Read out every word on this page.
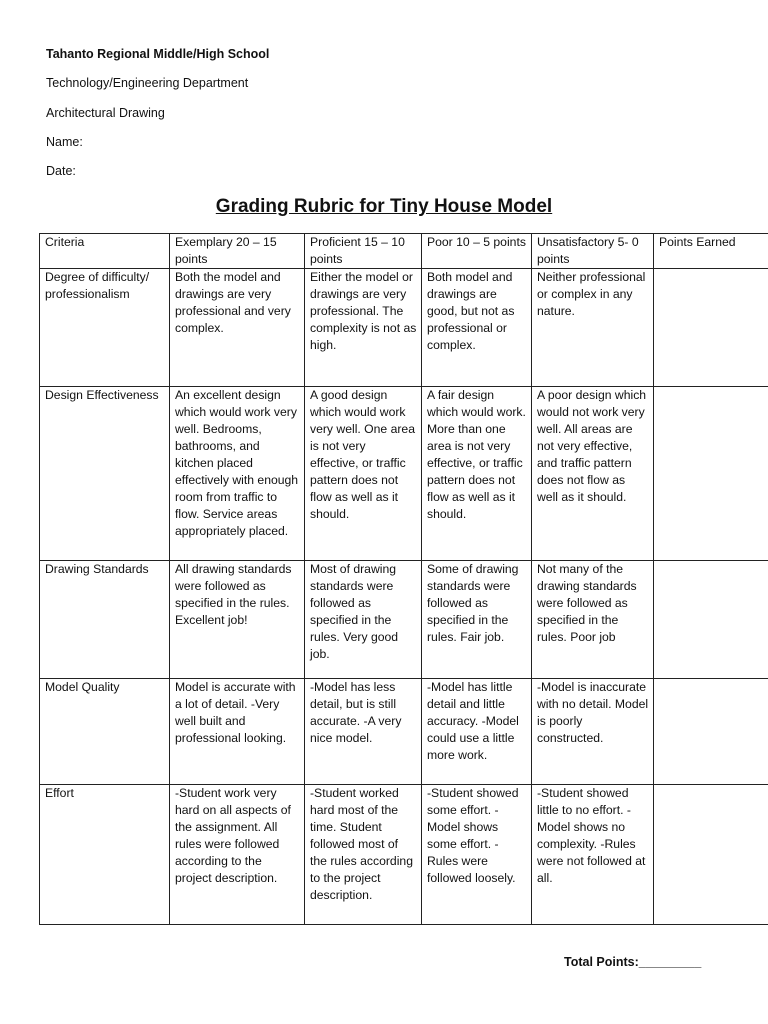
Tahanto Regional Middle/High School
Technology/Engineering Department
Architectural Drawing
Name:
Date:
Grading Rubric for Tiny House Model
Criteria	Exemplary 20 – 15 points	Proficient 15 – 10 points	Poor 10 – 5 points	Unsatisfactory 5- 0 points	Points Earned
Degree of difficulty/ professionalism	Both the model and drawings are very professional and very complex.	Either the model or drawings are very professional. The complexity is not as high.	Both model and drawings are good, but not as professional or complex.	Neither professional or complex in any nature.	
Design Effectiveness	An excellent design which would work very well. Bedrooms, bathrooms, and kitchen placed effectively with enough room from traffic to flow. Service areas appropriately placed.	A good design which would work very well. One area is not very effective, or traffic pattern does not flow as well as it should.	A fair design which would work. More than one area is not very effective, or traffic pattern does not flow as well as it should.	A poor design which would not work very well. All areas are not very effective, and traffic pattern does not flow as well as it should.	
Drawing Standards	All drawing standards were followed as specified in the rules. Excellent job!	Most of drawing standards were followed as specified in the rules. Very good job.	Some of drawing standards were followed as specified in the rules. Fair job.	Not many of the drawing standards were followed as specified in the rules. Poor job	
Model Quality	Model is accurate with a lot of detail. -Very well built and professional looking.	-Model has less detail, but is still accurate. -A very nice model.	-Model has little detail and little accuracy. -Model could use a little more work.	-Model is inaccurate with no detail. Model is poorly constructed.	
Effort	-Student work very hard on all aspects of the assignment. All rules were followed according to the project description.	-Student worked hard most of the time. Student followed most of the rules according to the project description.	-Student showed some effort. -Model shows some effort. -Rules were followed loosely.	-Student showed little to no effort. -Model shows no complexity. -Rules were not followed at all.	
Total Points:_________
